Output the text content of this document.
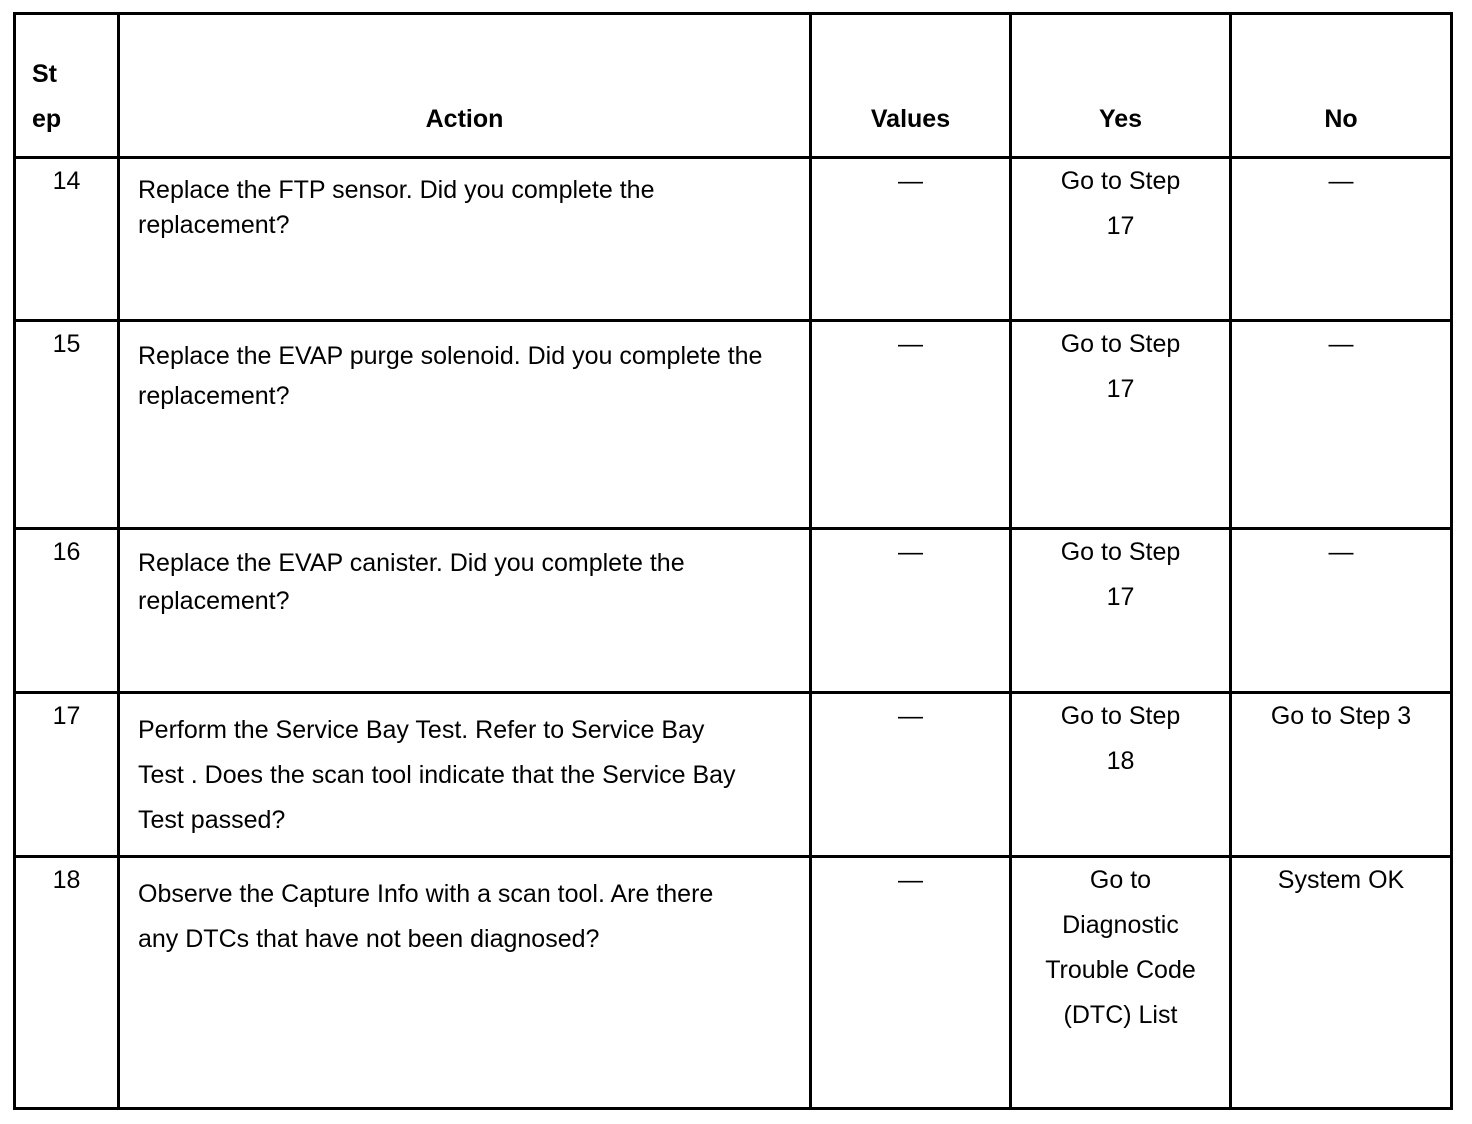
St ep	Action	Values	Yes	No
14	Replace the FTP sensor. Did you complete the replacement?	—	Go to Step 17	—
15	Replace the EVAP purge solenoid. Did you complete the replacement?	—	Go to Step 17	—
16	Replace the EVAP canister. Did you complete the replacement?	—	Go to Step 17	—
17	Perform the Service Bay Test. Refer to Service Bay Test . Does the scan tool indicate that the Service Bay Test passed?	—	Go to Step 18	Go to Step 3
18	Observe the Capture Info with a scan tool. Are there any DTCs that have not been diagnosed?	—	Go to Diagnostic Trouble Code (DTC) List	System OK
